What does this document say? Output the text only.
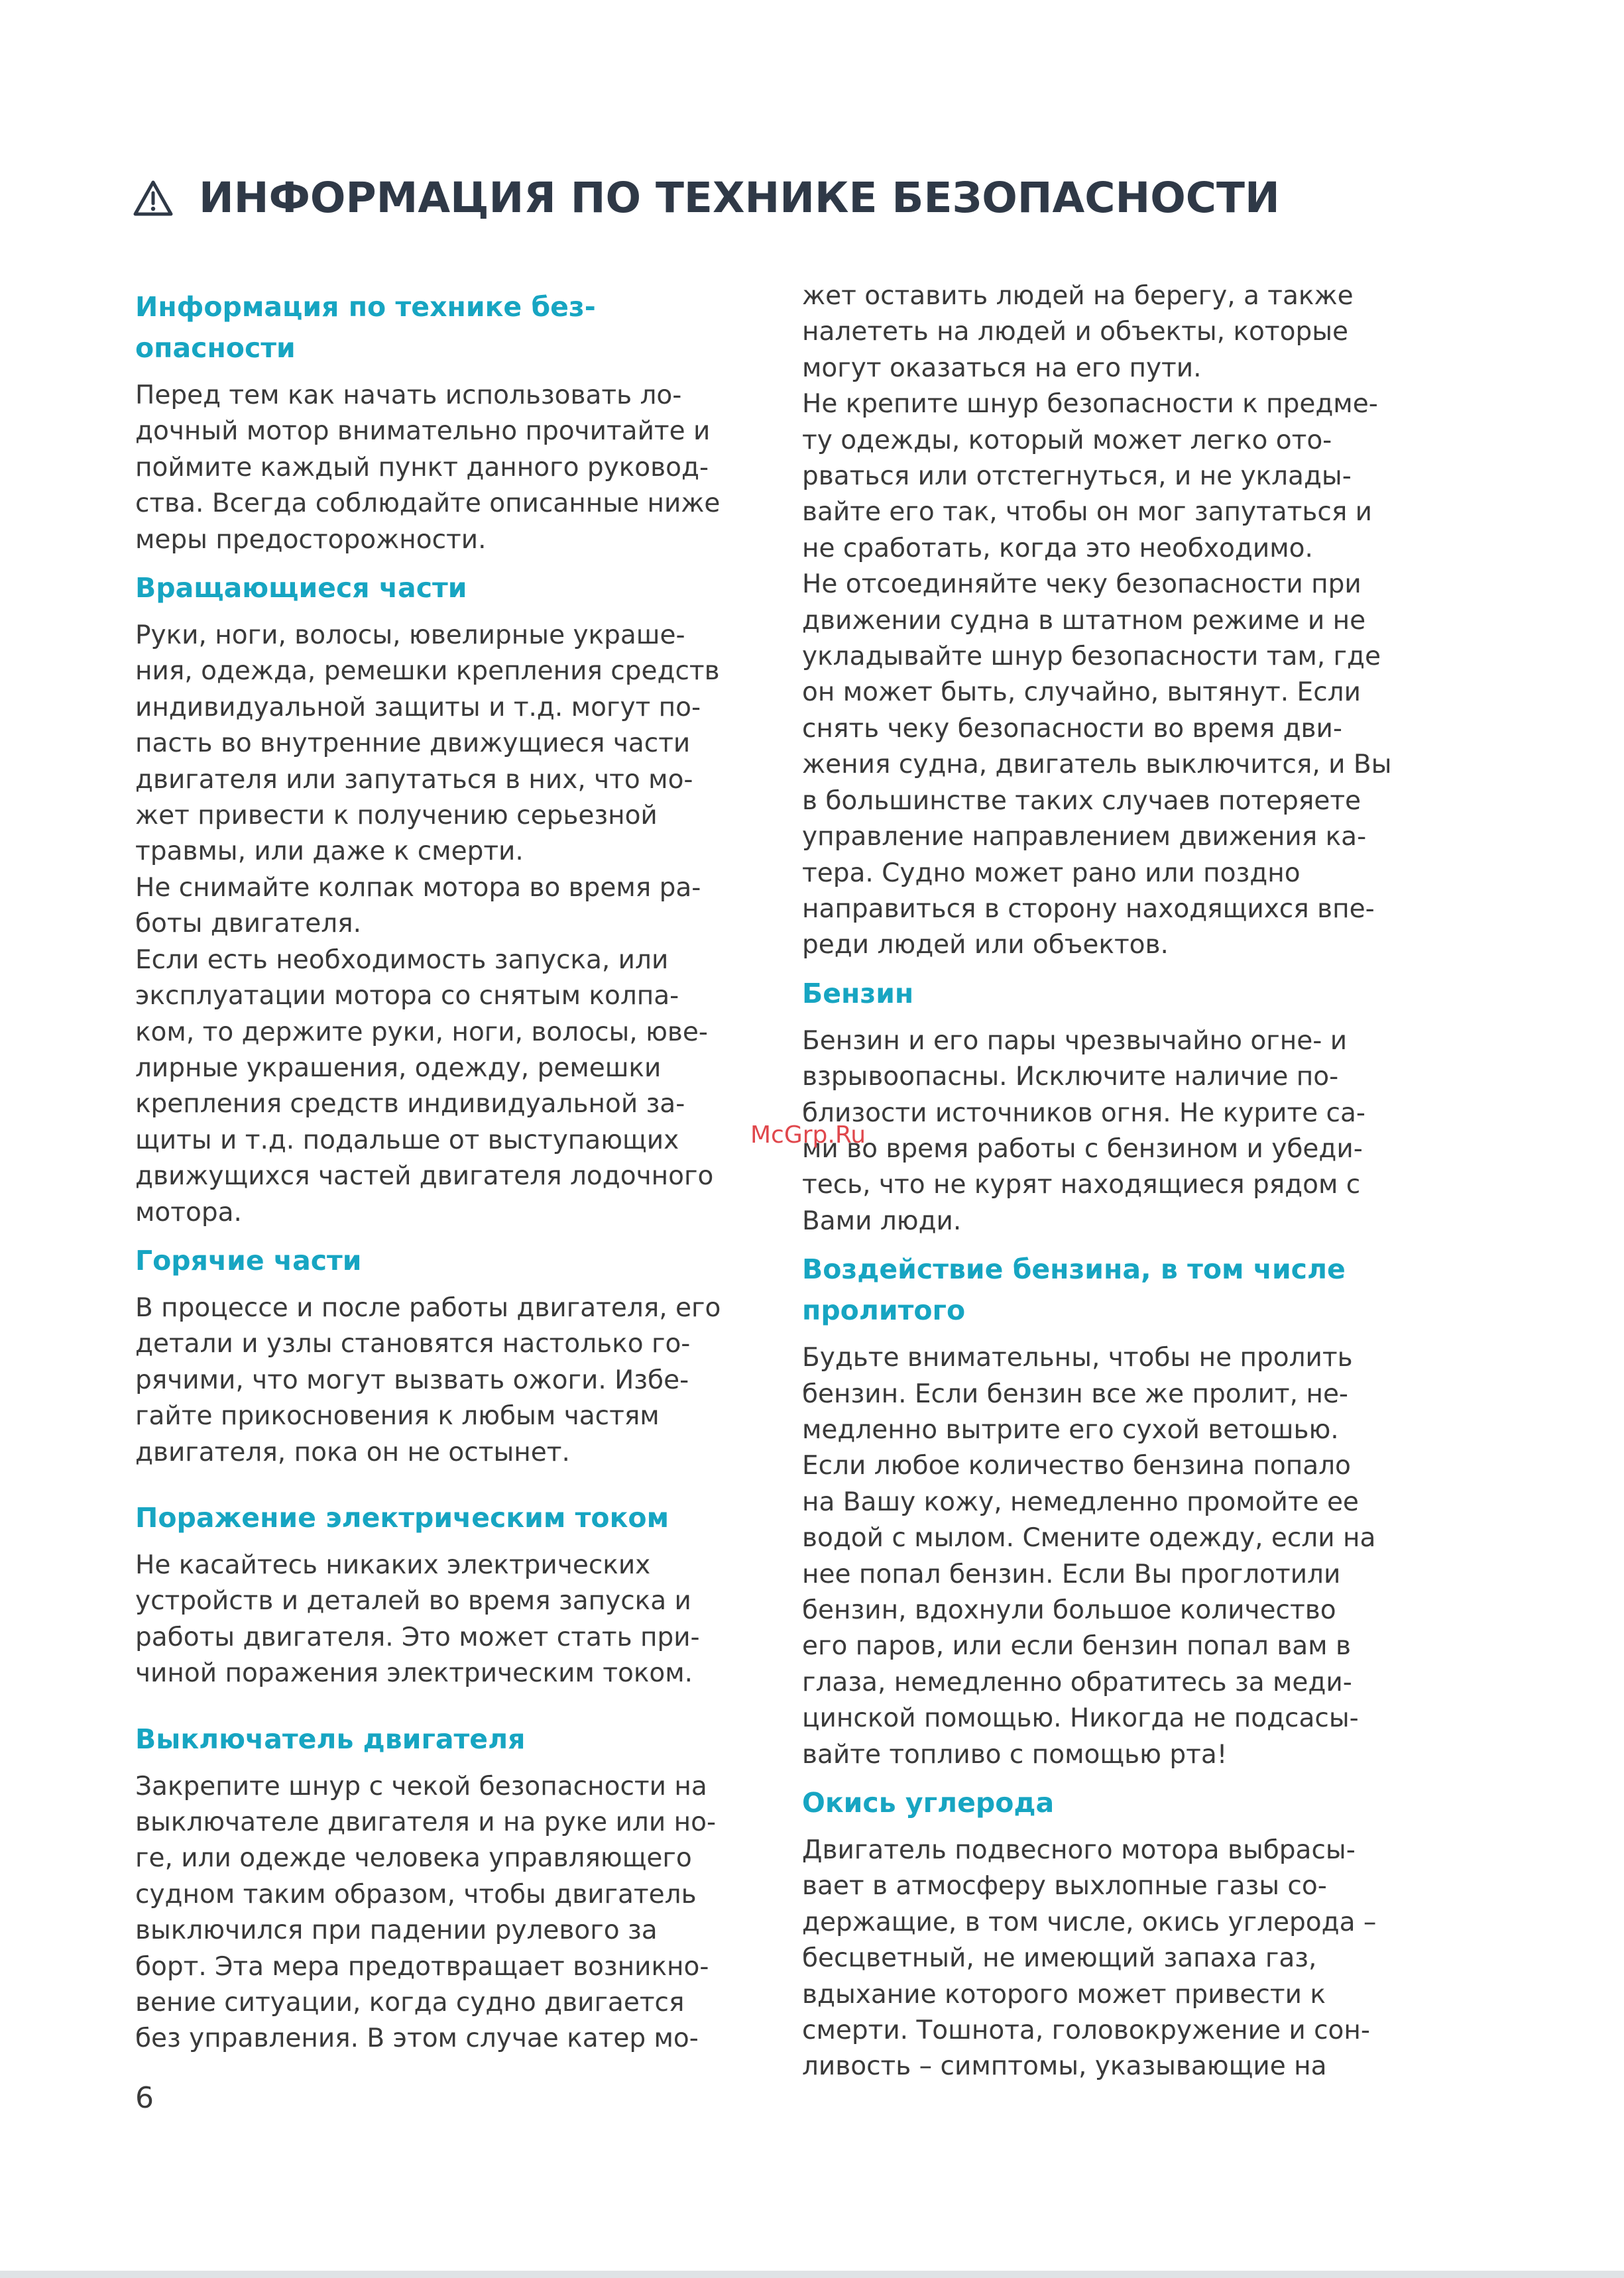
ИНФОРМАЦИЯ ПО ТЕХНИКЕ БЕЗОПАСНОСТИ
Информация по технике без-
опасности
Перед тем как начать использовать ло-
дочный мотор внимательно прочитайте и
поймите каждый пункт данного руковод-
ства. Всегда соблюдайте описанные ниже
меры предосторожности.
Вращающиеся части
Руки, ноги, волосы, ювелирные украше-
ния, одежда, ремешки крепления средств
индивидуальной защиты и т.д. могут по-
пасть во внутренние движущиеся части
двигателя или запутаться в них, что мо-
жет привести к получению серьезной
травмы, или даже к смерти.
Не снимайте колпак мотора во время ра-
боты двигателя.
Если есть необходимость запуска, или
эксплуатации мотора со снятым колпа-
ком, то держите руки, ноги, волосы, юве-
лирные украшения, одежду, ремешки
крепления средств индивидуальной за-
щиты и т.д. подальше от выступающих
движущихся частей двигателя лодочного
мотора.
Горячие части
В процессе и после работы двигателя, его
детали и узлы становятся настолько го-
рячими, что могут вызвать ожоги. Избе-
гайте прикосновения к любым частям
двигателя, пока он не остынет.
Поражение электрическим током
Не касайтесь никаких электрических
устройств и деталей во время запуска и
работы двигателя. Это может стать при-
чиной поражения электрическим током.
Выключатель двигателя
Закрепите шнур с чекой безопасности на
выключателе двигателя и на руке или но-
ге, или одежде человека управляющего
судном таким образом, чтобы двигатель
выключился при падении рулевого за
борт. Эта мера предотвращает возникно-
вение ситуации, когда судно двигается
без управления. В этом случае катер мо-
жет оставить людей на берегу, а также
налететь на людей и объекты, которые
могут оказаться на его пути.
Не крепите шнур безопасности к предме-
ту одежды, который может легко ото-
рваться или отстегнуться, и не уклады-
вайте его так, чтобы он мог запутаться и
не сработать, когда это необходимо.
Не отсоединяйте чеку безопасности при
движении судна в штатном режиме и не
укладывайте шнур безопасности там, где
он может быть, случайно, вытянут. Если
снять чеку безопасности во время дви-
жения судна, двигатель выключится, и Вы
в большинстве таких случаев потеряете
управление направлением движения ка-
тера. Судно может рано или поздно
направиться в сторону находящихся впе-
реди людей или объектов.
Бензин
Бензин и его пары чрезвычайно огне- и
взрывоопасны. Исключите наличие по-
близости источников огня. Не курите са-
ми во время работы с бензином и убеди-
тесь, что не курят находящиеся рядом с
Вами люди.
Воздействие бензина, в том числе
пролитого
Будьте внимательны, чтобы не пролить
бензин. Если бензин все же пролит, не-
медленно вытрите его сухой ветошью.
Если любое количество бензина попало
на Вашу кожу, немедленно промойте ее
водой с мылом. Смените одежду, если на
нее попал бензин. Если Вы проглотили
бензин, вдохнули большое количество
его паров, или если бензин попал вам в
глаза, немедленно обратитесь за меди-
цинской помощью. Никогда не подсасы-
вайте топливо с помощью рта!
Окись углерода
Двигатель подвесного мотора выбрасы-
вает в атмосферу выхлопные газы со-
держащие, в том числе, окись углерода –
бесцветный, не имеющий запаха газ,
вдыхание которого может привести к
смерти. Тошнота, головокружение и сон-
ливость – симптомы, указывающие на
McGrp.Ru
6
